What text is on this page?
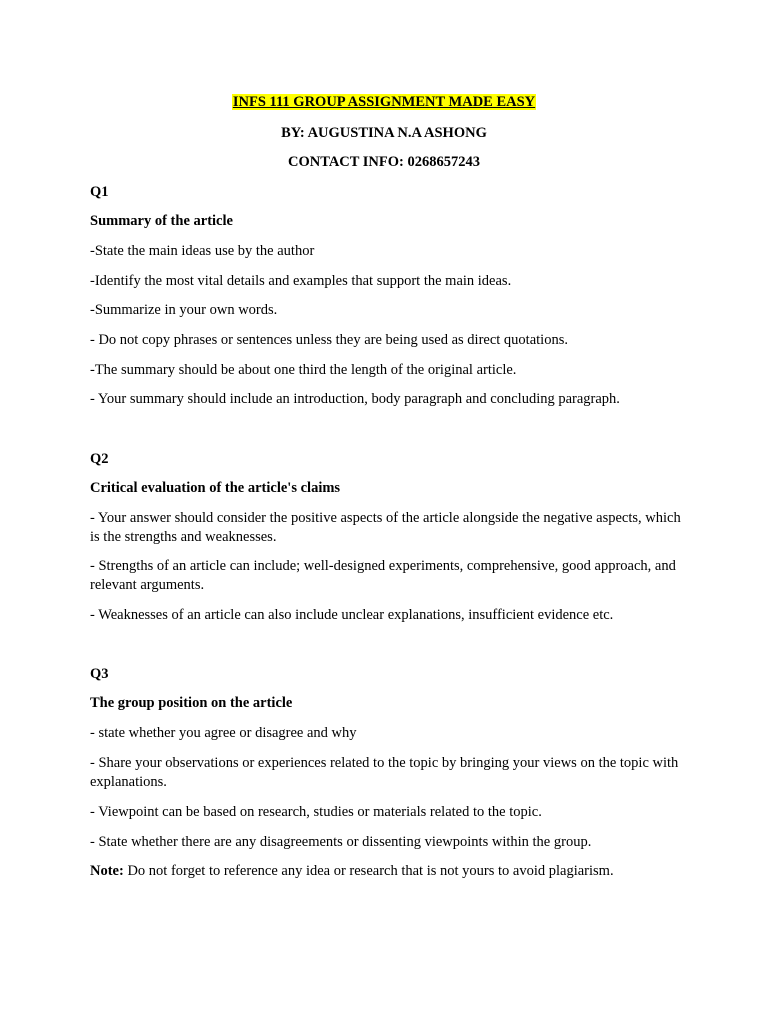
INFS 111 GROUP ASSIGNMENT MADE EASY
BY: AUGUSTINA N.A ASHONG
CONTACT INFO: 0268657243
Q1
Summary of the article
-State the main ideas use by the author
-Identify the most vital details and examples that support the main ideas.
-Summarize in your own words.
- Do not copy phrases or sentences unless they are being used as direct quotations.
-The summary should be about one third the length of the original article.
- Your summary should include an introduction, body paragraph and concluding paragraph.
Q2
Critical evaluation of the article's claims
- Your answer should consider the positive aspects of the article alongside the negative aspects, which is the strengths and weaknesses.
- Strengths of an article can include; well-designed experiments, comprehensive, good approach, and relevant arguments.
- Weaknesses of an article can also include unclear explanations, insufficient evidence etc.
Q3
The group position on the article
- state whether you agree or disagree and why
- Share your observations or experiences related to the topic by bringing your views on the topic with explanations.
- Viewpoint can be based on research, studies or materials related to the topic.
- State whether there are any disagreements or dissenting viewpoints within the group.
Note: Do not forget to reference any idea or research that is not yours to avoid plagiarism.
